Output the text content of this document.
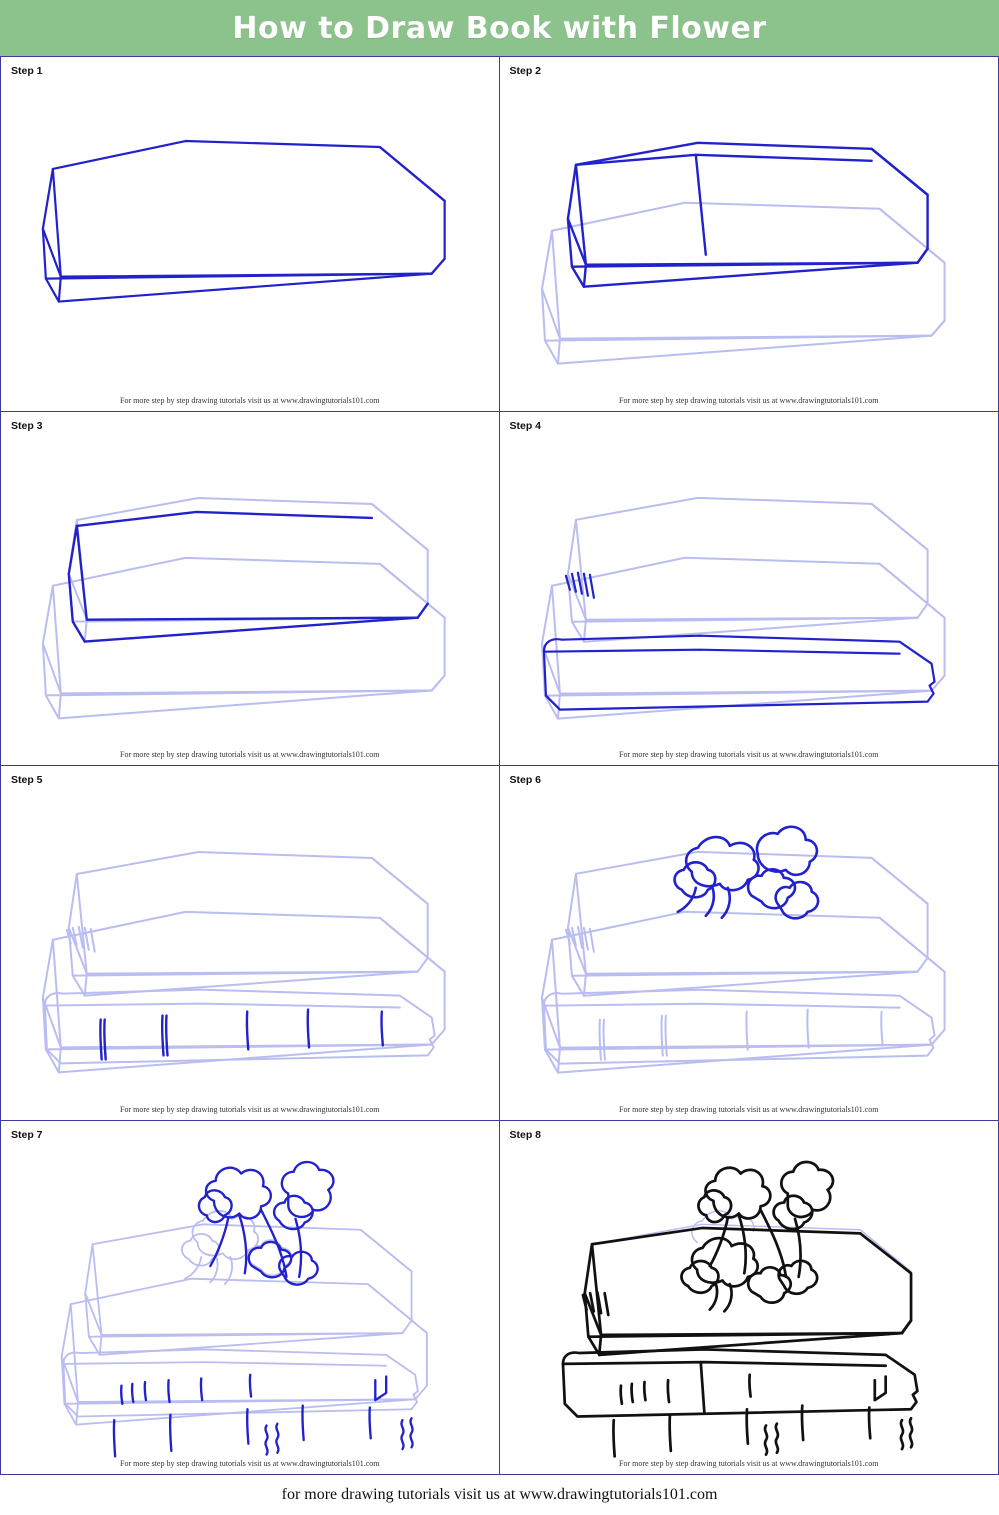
How to Draw Book with Flower
Step 1
For more step by step drawing tutorials visit us at www.drawingtutorials101.com
Step 2
For more step by step drawing tutorials visit us at www.drawingtutorials101.com
Step 3
For more step by step drawing tutorials visit us at www.drawingtutorials101.com
Step 4
For more step by step drawing tutorials visit us at www.drawingtutorials101.com
Step 5
For more step by step drawing tutorials visit us at www.drawingtutorials101.com
Step 6
For more step by step drawing tutorials visit us at www.drawingtutorials101.com
Step 7
For more step by step drawing tutorials visit us at www.drawingtutorials101.com
Step 8
For more step by step drawing tutorials visit us at www.drawingtutorials101.com
for more drawing tutorials visit us at www.drawingtutorials101.com
